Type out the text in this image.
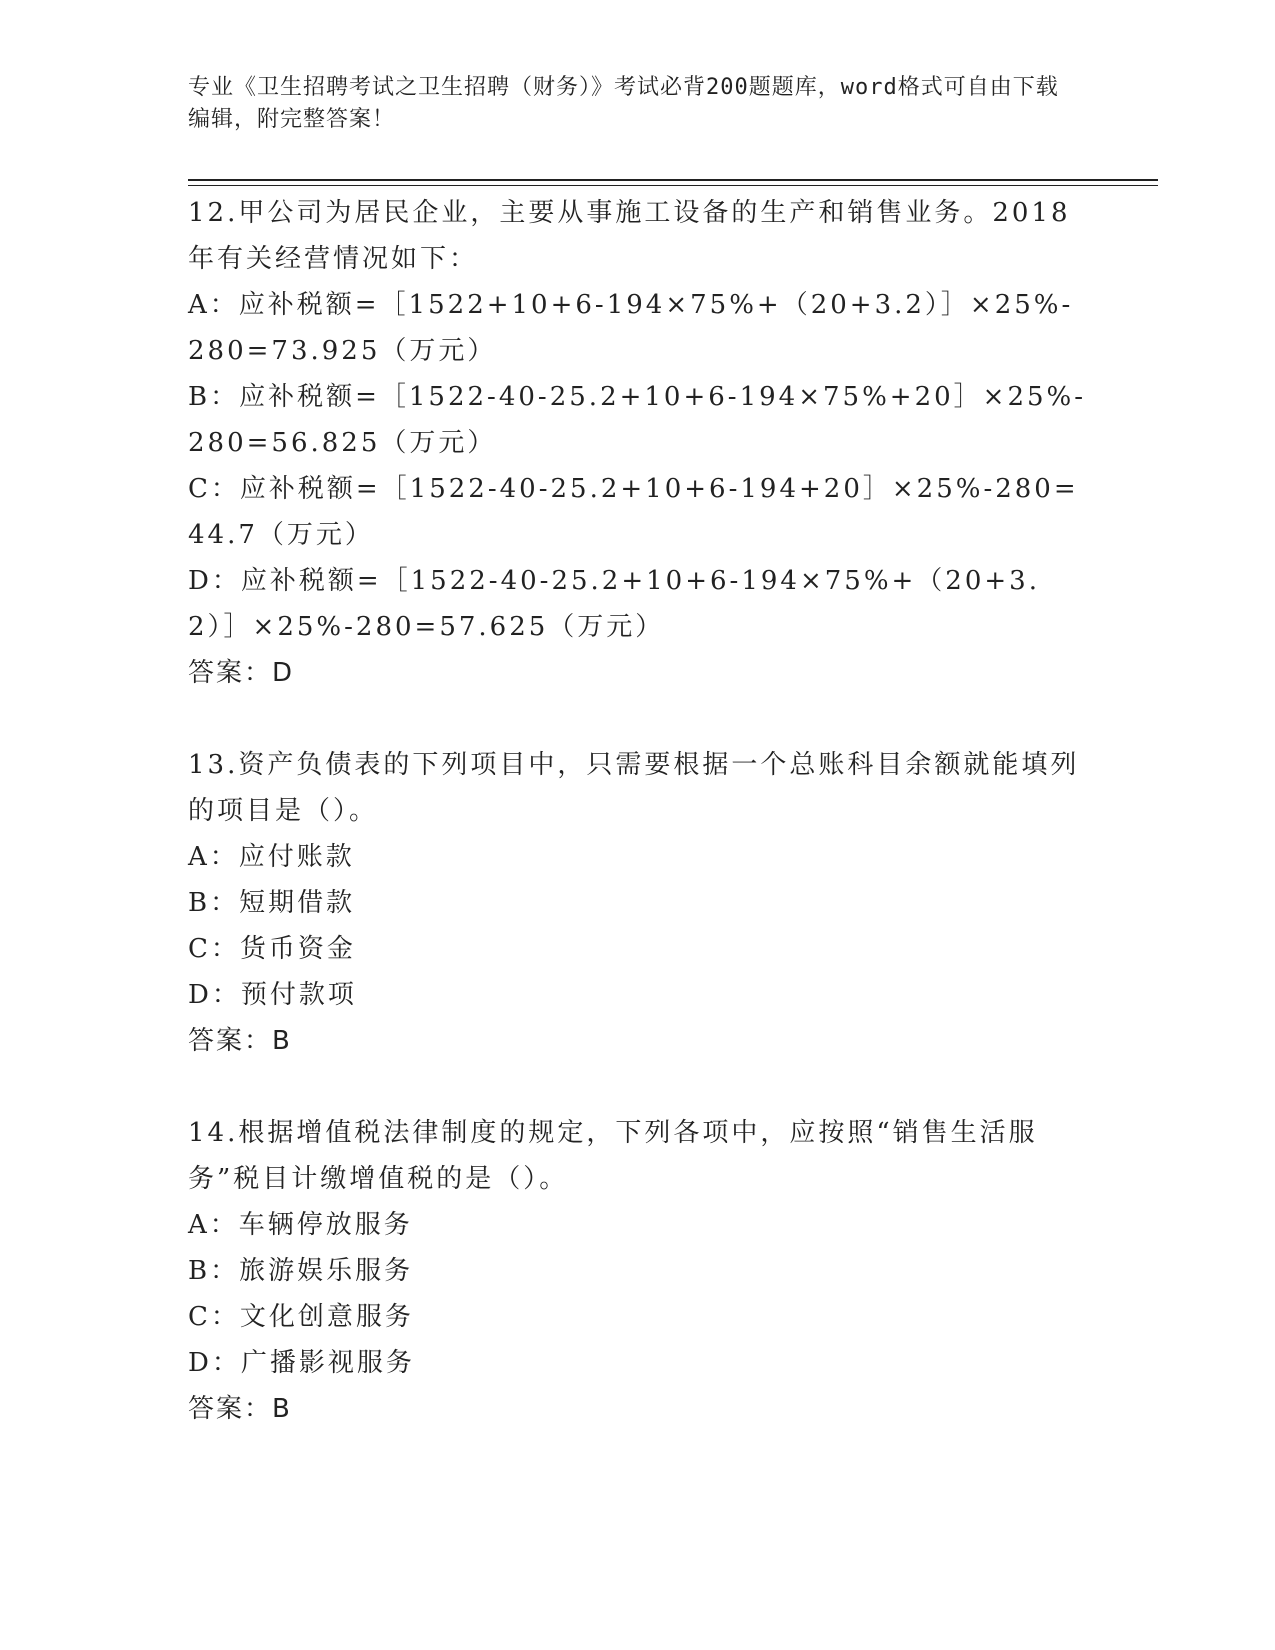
专业《卫生招聘考试之卫生招聘（财务）》考试必背200题题库，word格式可自由下载编辑，附完整答案！

12.甲公司为居民企业，主要从事施工设备的生产和销售业务。2018年有关经营情况如下：

A：应补税额=［1522+10+6-194×75%+（20+3.2）］×25%-280=73.925（万元）

B：应补税额=［1522-40-25.2+10+6-194×75%+20］×25%-280=56.825（万元）

C：应补税额=［1522-40-25.2+10+6-194+20］×25%-280=44.7（万元）

D：应补税额=［1522-40-25.2+10+6-194×75%+（20+3.2）］×25%-280=57.625（万元）

答案：D

13.资产负债表的下列项目中，只需要根据一个总账科目余额就能填列的项目是（）。

A：应付账款

B：短期借款

C：货币资金

D：预付款项

答案：B

14.根据增值税法律制度的规定，下列各项中，应按照“销售生活服务”税目计缴增值税的是（）。

A：车辆停放服务

B：旅游娱乐服务

C：文化创意服务

D：广播影视服务

答案：B
